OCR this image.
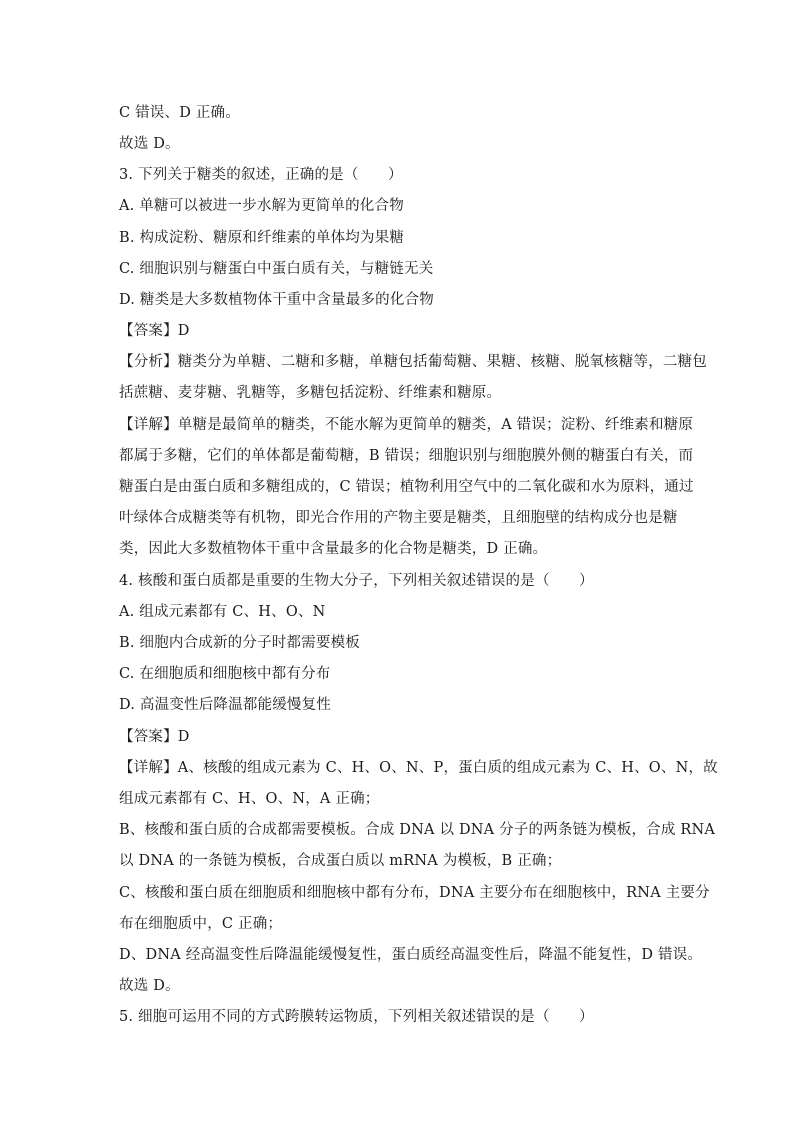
C 错误、D 正确。
故选 D。
3. 下列关于糖类的叙述，正确的是（　　）
A. 单糖可以被进一步水解为更简单的化合物
B. 构成淀粉、糖原和纤维素的单体均为果糖
C. 细胞识别与糖蛋白中蛋白质有关，与糖链无关
D. 糖类是大多数植物体干重中含量最多的化合物
【答案】D
【分析】糖类分为单糖、二糖和多糖，单糖包括葡萄糖、果糖、核糖、脱氧核糖等，二糖包
括蔗糖、麦芽糖、乳糖等，多糖包括淀粉、纤维素和糖原。
【详解】单糖是最简单的糖类，不能水解为更简单的糖类，A 错误；淀粉、纤维素和糖原
都属于多糖，它们的单体都是葡萄糖，B 错误；细胞识别与细胞膜外侧的糖蛋白有关，而
糖蛋白是由蛋白质和多糖组成的，C 错误；植物利用空气中的二氧化碳和水为原料，通过
叶绿体合成糖类等有机物，即光合作用的产物主要是糖类，且细胞壁的结构成分也是糖
类，因此大多数植物体干重中含量最多的化合物是糖类，D 正确。
4. 核酸和蛋白质都是重要的生物大分子，下列相关叙述错误的是（　　）
A. 组成元素都有 C、H、O、N
B. 细胞内合成新的分子时都需要模板
C. 在细胞质和细胞核中都有分布
D. 高温变性后降温都能缓慢复性
【答案】D
【详解】A、核酸的组成元素为 C、H、O、N、P，蛋白质的组成元素为 C、H、O、N，故
组成元素都有 C、H、O、N，A 正确；
B、核酸和蛋白质的合成都需要模板。合成 DNA 以 DNA 分子的两条链为模板，合成 RNA
以 DNA 的一条链为模板，合成蛋白质以 mRNA 为模板，B 正确；
C、核酸和蛋白质在细胞质和细胞核中都有分布，DNA 主要分布在细胞核中，RNA 主要分
布在细胞质中，C 正确；
D、DNA 经高温变性后降温能缓慢复性，蛋白质经高温变性后，降温不能复性，D 错误。
故选 D。
5. 细胞可运用不同的方式跨膜转运物质，下列相关叙述错误的是（　　）
